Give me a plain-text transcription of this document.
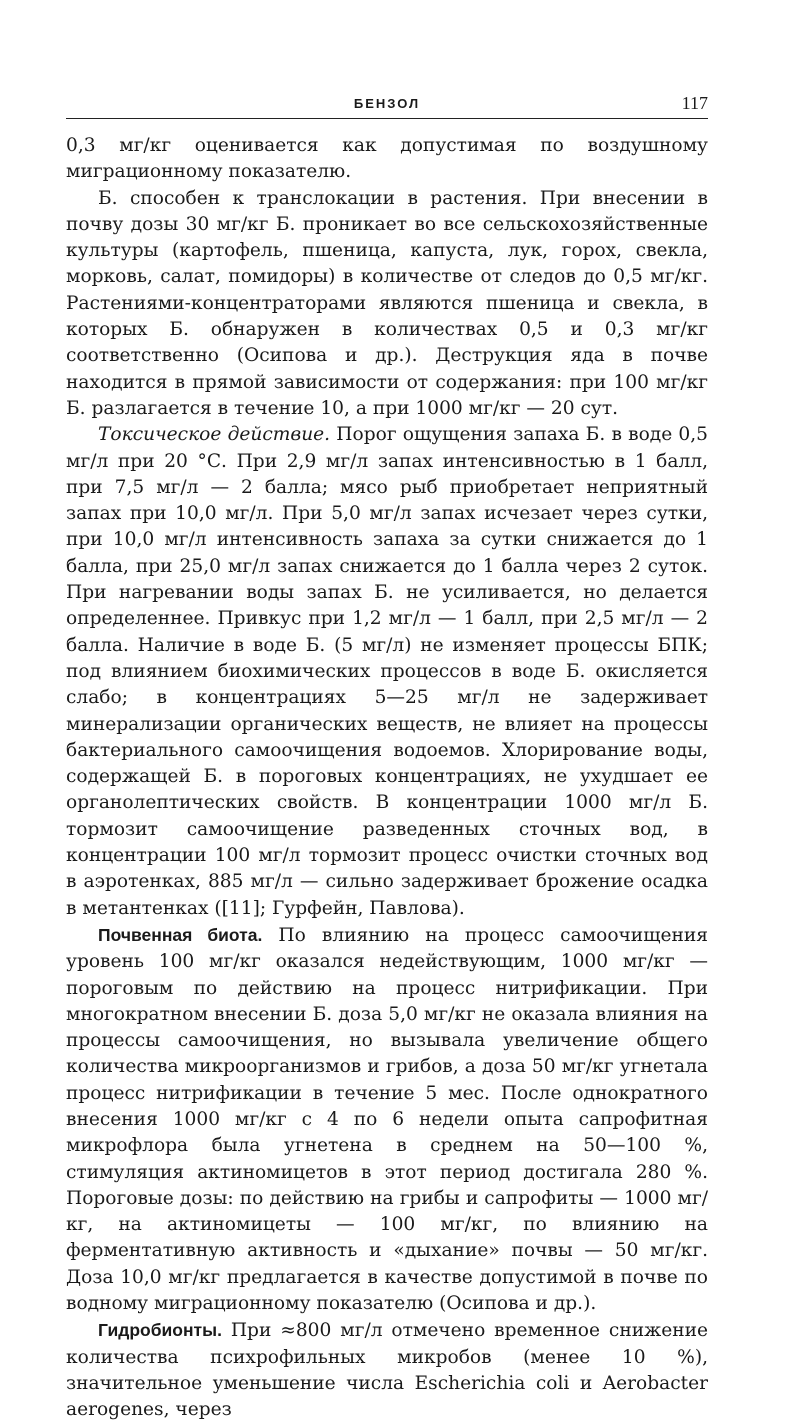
БЕНЗОЛ	117

0,3 мг/кг оценивается как допустимая по воздушному миграционному показателю.

Б. способен к транслокации в растения. При внесении в почву дозы 30 мг/кг Б. проникает во все сельскохозяйственные культуры (картофель, пшеница, капуста, лук, горох, свекла, морковь, салат, помидоры) в количестве от следов до 0,5 мг/кг. Растениями-концентраторами являются пшеница и свекла, в которых Б. обнаружен в количествах 0,5 и 0,3 мг/кг соответственно (Осипова и др.). Деструкция яда в почве находится в прямой зависимости от содержания: при 100 мг/кг Б. разлагается в течение 10, а при 1000 мг/кг — 20 сут.

Токсическое действие. Порог ощущения запаха Б. в воде 0,5 мг/л при 20 °С. При 2,9 мг/л запах интенсивностью в 1 балл, при 7,5 мг/л — 2 балла; мясо рыб приобретает неприятный запах при 10,0 мг/л. При 5,0 мг/л запах исчезает через сутки, при 10,0 мг/л интенсивность запаха за сутки снижается до 1 балла, при 25,0 мг/л запах снижается до 1 балла через 2 суток. При нагревании воды запах Б. не усиливается, но делается определеннее. Привкус при 1,2 мг/л — 1 балл, при 2,5 мг/л — 2 балла. Наличие в воде Б. (5 мг/л) не изменяет процессы БПК; под влиянием биохимических процессов в воде Б. окисляется слабо; в концентрациях 5—25 мг/л не задерживает минерализации органических веществ, не влияет на процессы бактериального самоочищения водоемов. Хлорирование воды, содержащей Б. в пороговых концентрациях, не ухудшает ее органолептических свойств. В концентрации 1000 мг/л Б. тормозит самоочищение разведенных сточных вод, в концентрации 100 мг/л тормозит процесс очистки сточных вод в аэротенках, 885 мг/л — сильно задерживает брожение осадка в метантенках ([11]; Гурфейн, Павлова).

Почвенная биота. По влиянию на процесс самоочищения уровень 100 мг/кг оказался недействующим, 1000 мг/кг — пороговым по действию на процесс нитрификации. При многократном внесении Б. доза 5,0 мг/кг не оказала влияния на процессы самоочищения, но вызывала увеличение общего количества микроорганизмов и грибов, а доза 50 мг/кг угнетала процесс нитрификации в течение 5 мес. После однократного внесения 1000 мг/кг с 4 по 6 недели опыта сапрофитная микрофлора была угнетена в среднем на 50—100 %, стимуляция актиномицетов в этот период достигала 280 %. Пороговые дозы: по действию на грибы и сапрофиты — 1000 мг/кг, на актиномицеты — 100 мг/кг, по влиянию на ферментативную активность и «дыхание» почвы — 50 мг/кг. Доза 10,0 мг/кг предлагается в качестве допустимой в почве по водному миграционному показателю (Осипова и др.).

Гидробионты. При ≈800 мг/л отмечено временное снижение количества психрофильных микробов (менее 10 %), значительное уменьшение числа Escherichia coli и Aerobacter aerogenes, через
